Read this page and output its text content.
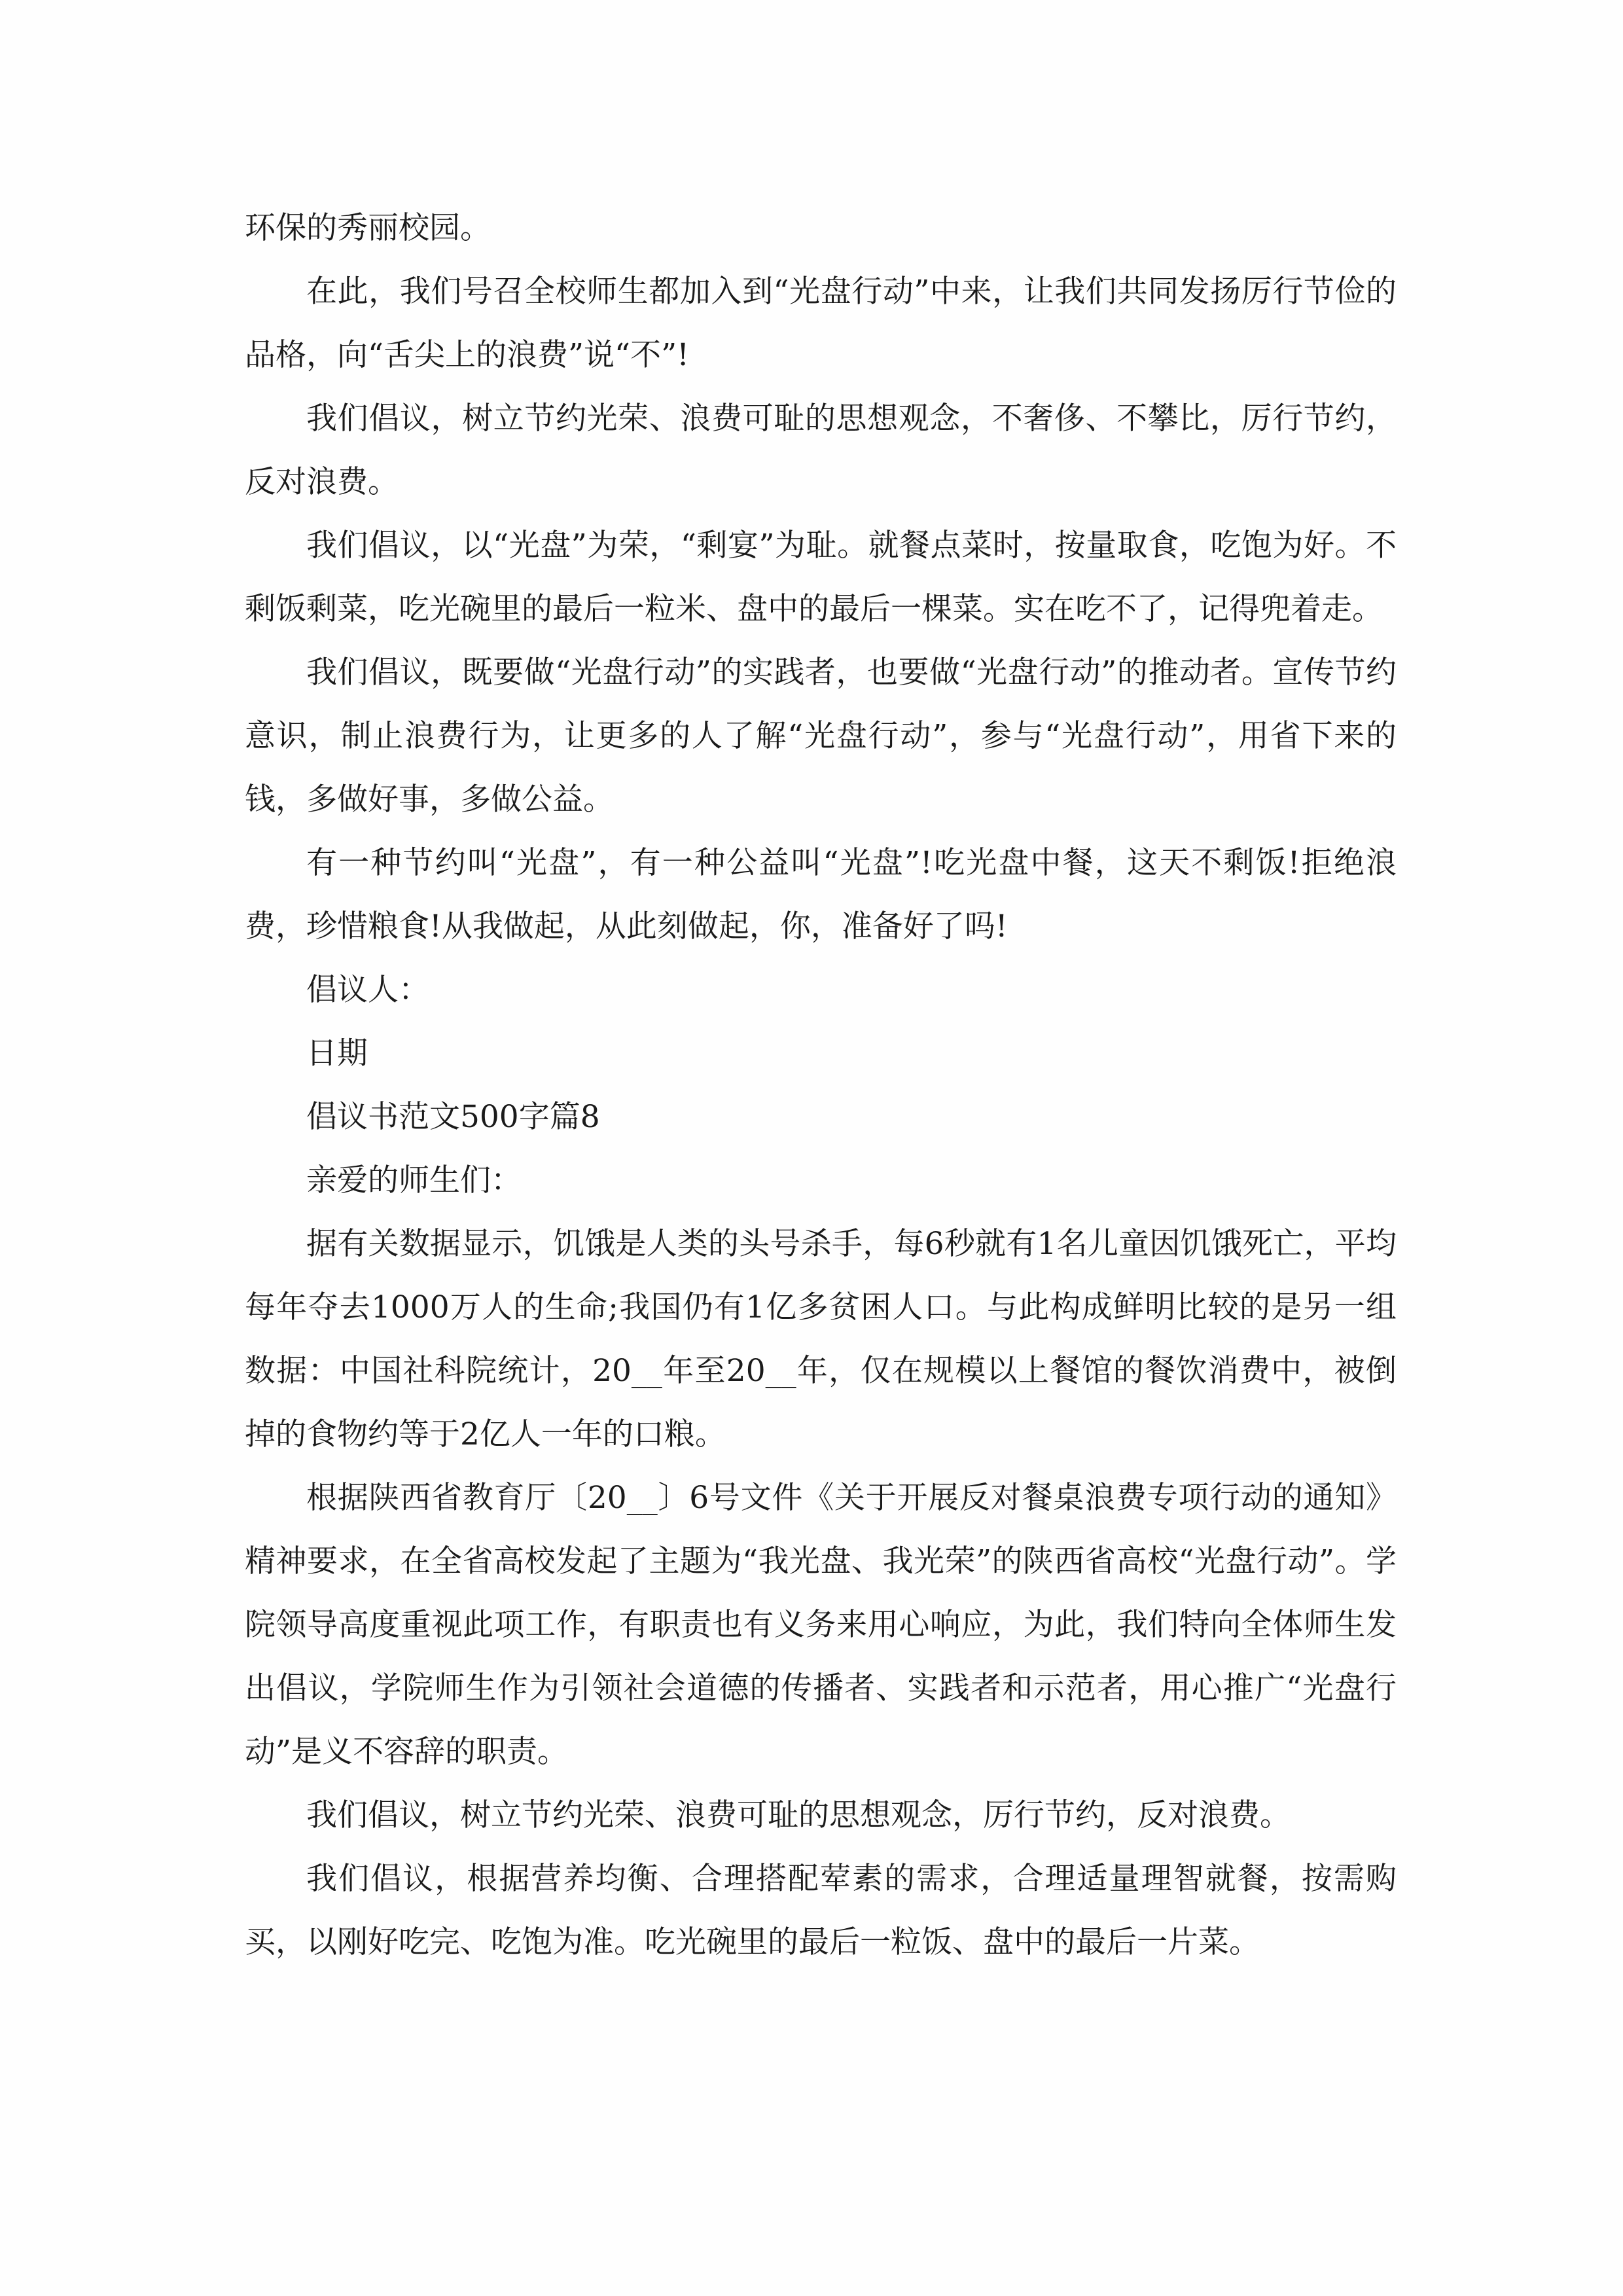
环保的秀丽校园。

在此，我们号召全校师生都加入到“光盘行动”中来，让我们共同发扬厉行节俭的品格，向“舌尖上的浪费”说“不”!

我们倡议，树立节约光荣、浪费可耻的思想观念，不奢侈、不攀比，厉行节约，反对浪费。

我们倡议，以“光盘”为荣，“剩宴”为耻。就餐点菜时，按量取食，吃饱为好。不剩饭剩菜，吃光碗里的最后一粒米、盘中的最后一棵菜。实在吃不了，记得兜着走。

我们倡议，既要做“光盘行动”的实践者，也要做“光盘行动”的推动者。宣传节约意识，制止浪费行为，让更多的人了解“光盘行动”，参与“光盘行动”，用省下来的钱，多做好事，多做公益。

有一种节约叫“光盘”，有一种公益叫“光盘”!吃光盘中餐，这天不剩饭!拒绝浪费，珍惜粮食!从我做起，从此刻做起，你，准备好了吗!

倡议人：

日期

倡议书范文500字篇8

亲爱的师生们：

据有关数据显示，饥饿是人类的头号杀手，每6秒就有1名儿童因饥饿死亡，平均每年夺去1000万人的生命;我国仍有1亿多贫困人口。与此构成鲜明比较的是另一组数据：中国社科院统计，20__年至20__年，仅在规模以上餐馆的餐饮消费中，被倒掉的食物约等于2亿人一年的口粮。

根据陕西省教育厅〔20__〕6号文件《关于开展反对餐桌浪费专项行动的通知》精神要求，在全省高校发起了主题为“我光盘、我光荣”的陕西省高校“光盘行动”。学院领导高度重视此项工作，有职责也有义务来用心响应，为此，我们特向全体师生发出倡议，学院师生作为引领社会道德的传播者、实践者和示范者，用心推广“光盘行动”是义不容辞的职责。

我们倡议，树立节约光荣、浪费可耻的思想观念，厉行节约，反对浪费。

我们倡议，根据营养均衡、合理搭配荤素的需求，合理适量理智就餐，按需购买，以刚好吃完、吃饱为准。吃光碗里的最后一粒饭、盘中的最后一片菜。
